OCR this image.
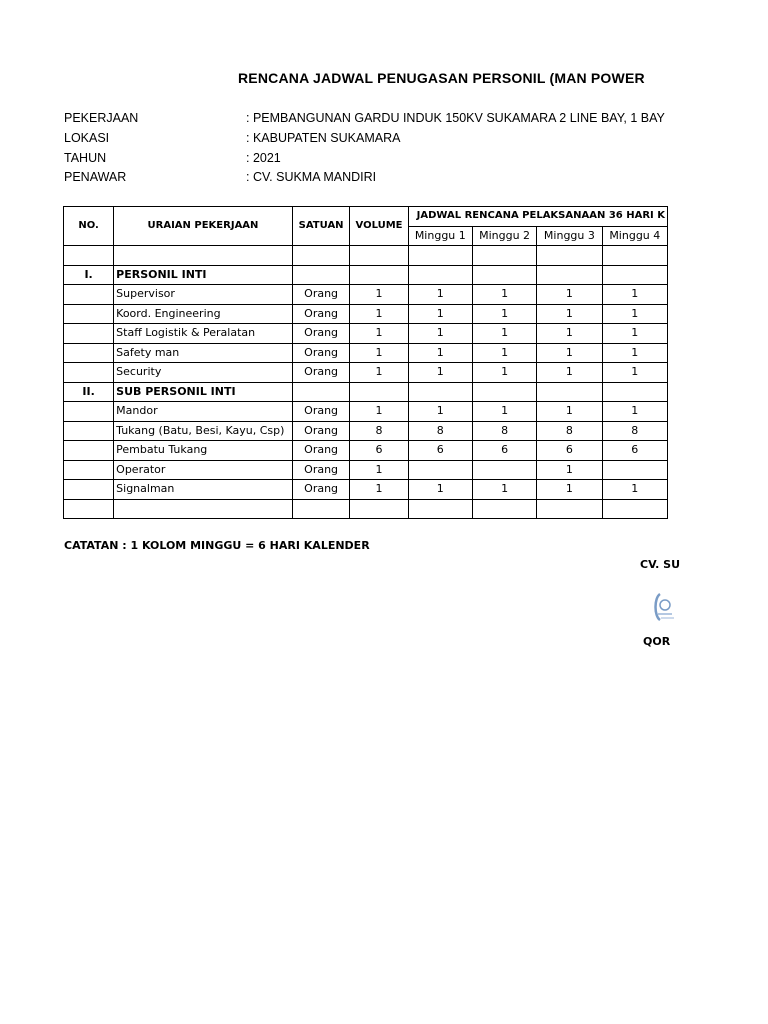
RENCANA JADWAL PENUGASAN PERSONIL (MAN POWER
PEKERJAAN	: PEMBANGUNAN GARDU INDUK 150KV SUKAMARA 2 LINE BAY, 1 BAY
LOKASI	: KABUPATEN SUKAMARA
TAHUN	: 2021
PENAWAR	: CV. SUKMA MANDIRI
NO.	URAIAN PEKERJAAN	SATUAN	VOLUME	JADWAL RENCANA PELAKSANAAN 36 HARI K			
				Minggu 1	Minggu 2	Minggu 3	Minggu 4

I.	PERSONIL INTI						
	Supervisor	Orang	1	1	1	1	1
	Koord. Engineering	Orang	1	1	1	1	1
	Staff Logistik & Peralatan	Orang	1	1	1	1	1
	Safety man	Orang	1	1	1	1	1
	Security	Orang	1	1	1	1	1
II.	SUB PERSONIL INTI						
	Mandor	Orang	1	1	1	1	1
	Tukang (Batu, Besi, Kayu, Csp)	Orang	8	8	8	8	8
	Pembatu Tukang	Orang	6	6	6	6	6
	Operator	Orang	1			1	
	Signalman	Orang	1	1	1	1	1

CATATAN : 1 KOLOM MINGGU = 6 HARI KALENDER
CV. SU
QOR
